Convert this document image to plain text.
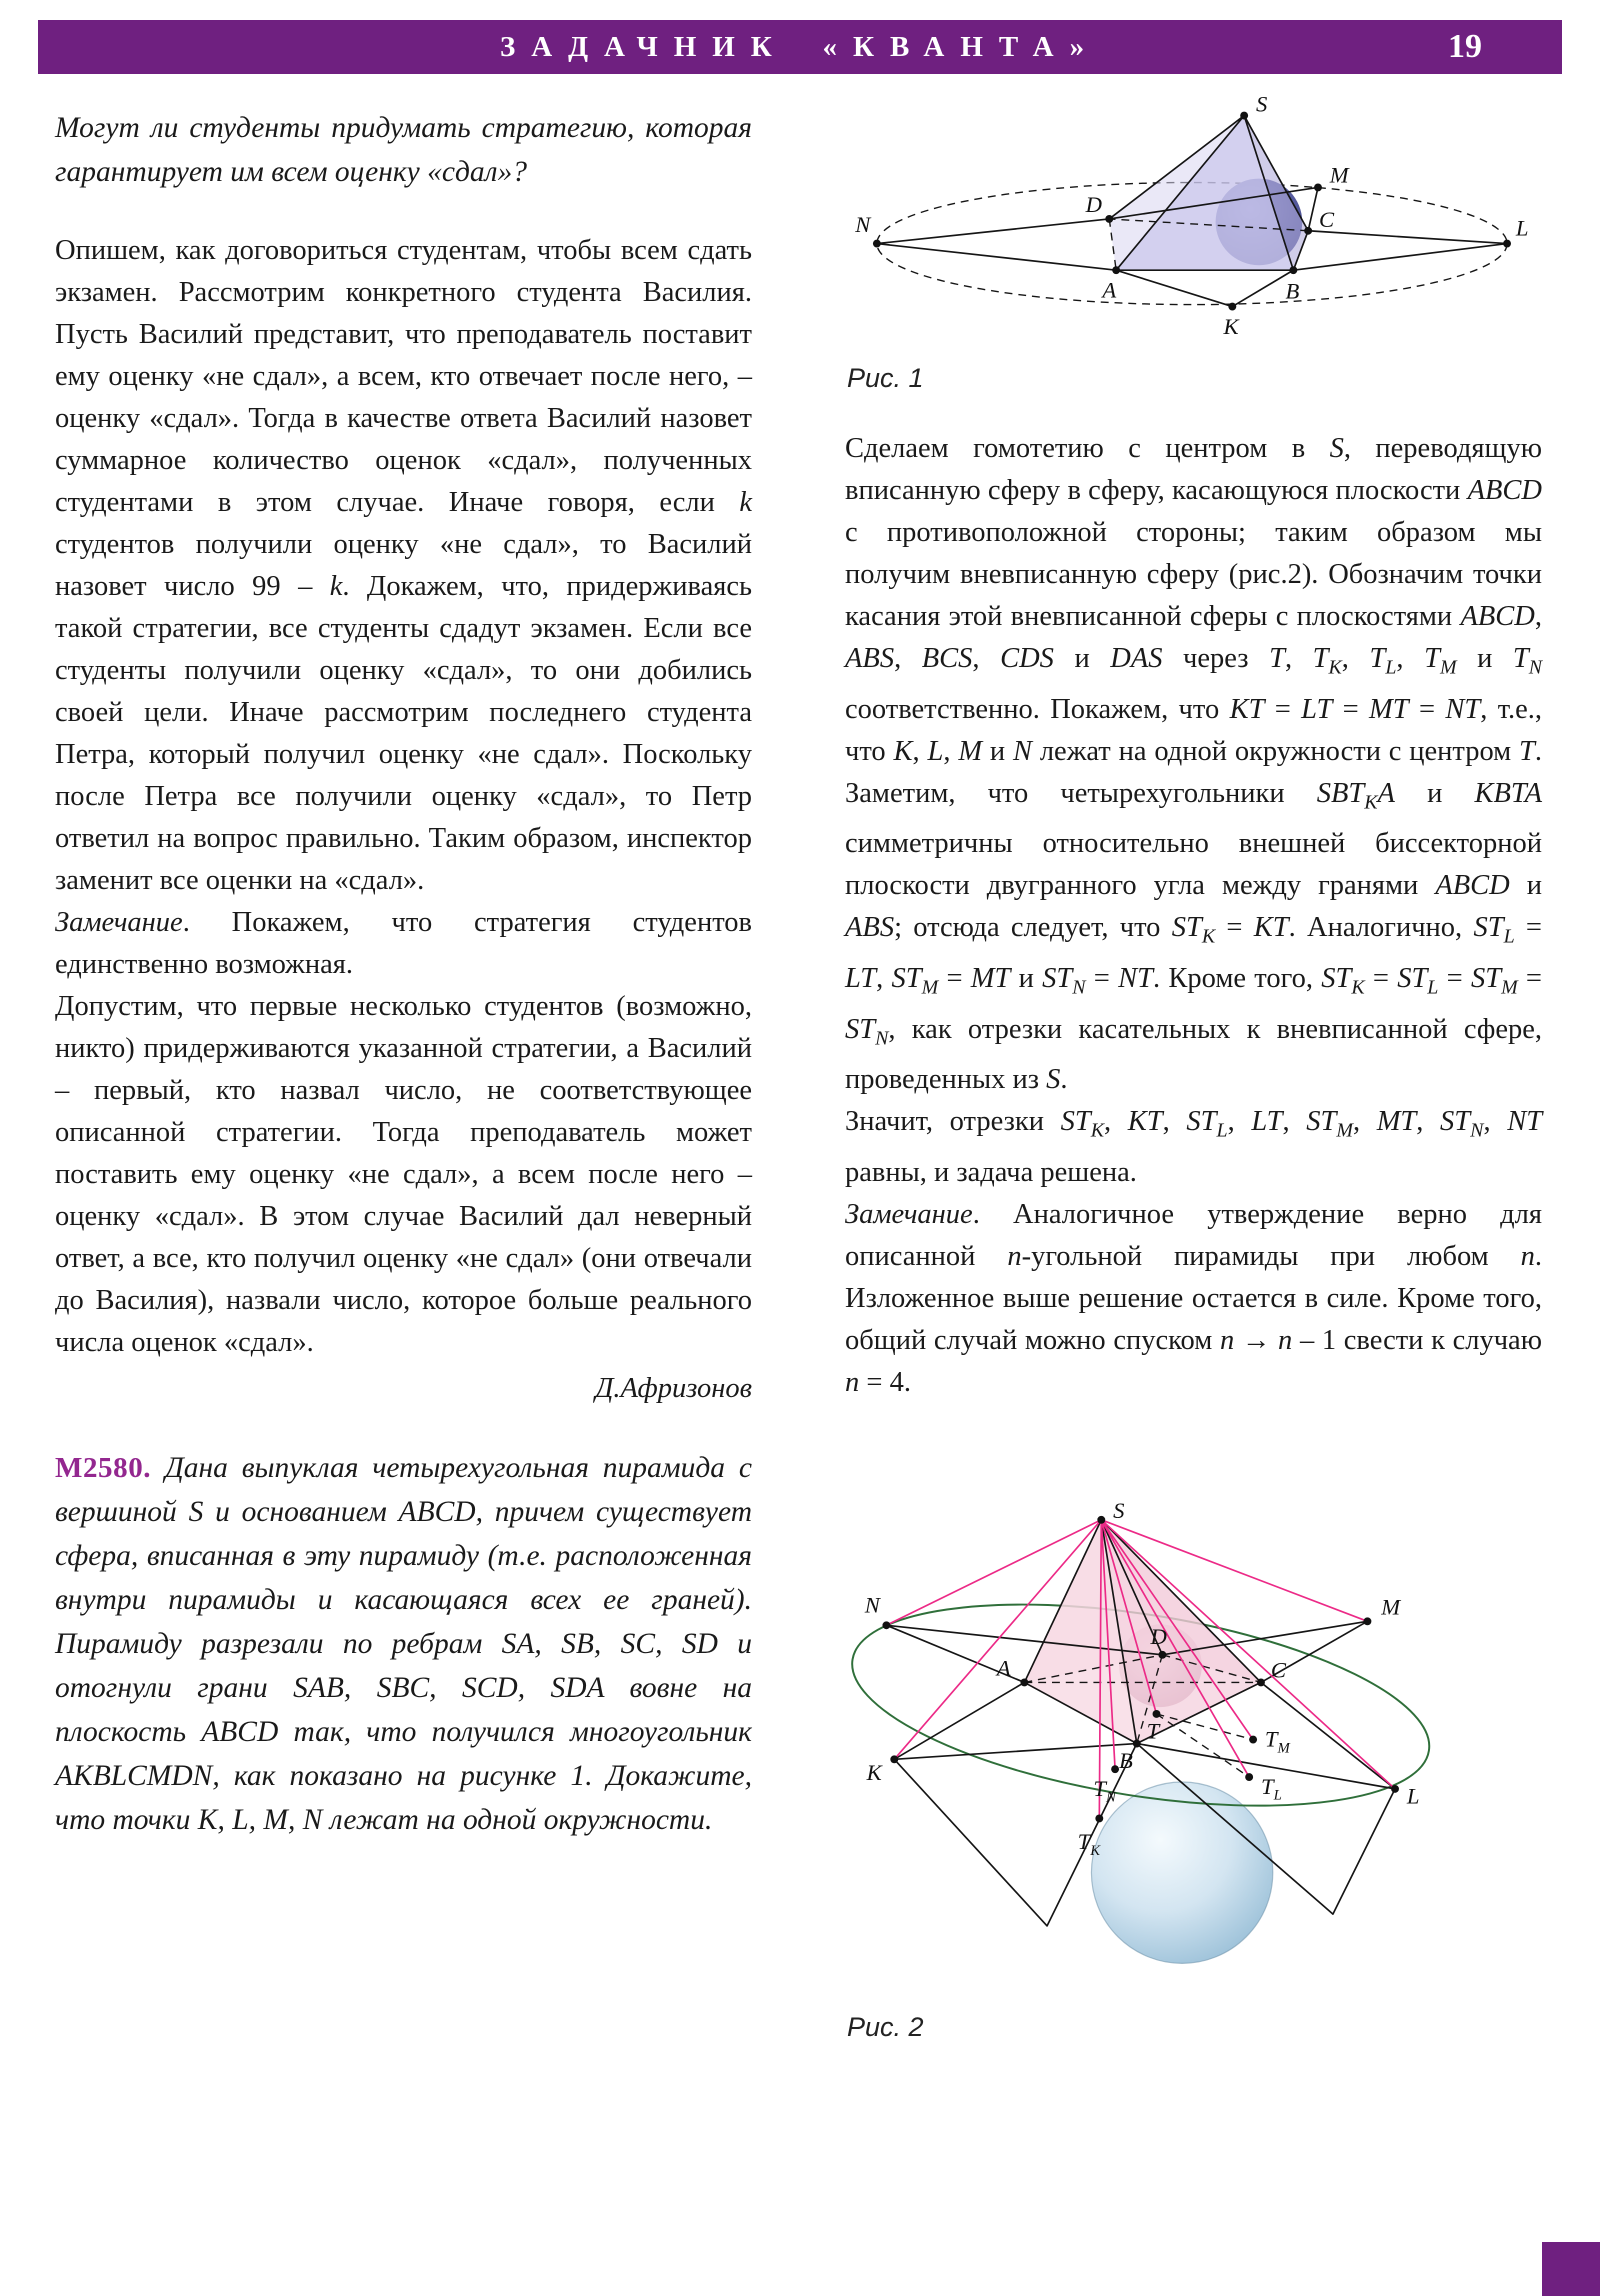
ЗАДАЧНИК «КВАНТА»	19

Могут ли студенты придумать стратегию, которая гарантирует им всем оценку «сдал»?

Опишем, как договориться студентам, чтобы всем сдать экзамен. Рассмотрим конкретного студента Василия. Пусть Василий представит, что преподаватель поставит ему оценку «не сдал», а всем, кто отвечает после него, – оценку «сдал». Тогда в качестве ответа Василий назовет суммарное количество оценок «сдал», полученных студентами в этом случае. Иначе говоря, если k студентов получили оценку «не сдал», то Василий назовет число 99 – k. Докажем, что, придерживаясь такой стратегии, все студенты сдадут экзамен. Если все студенты получили оценку «сдал», то они добились своей цели. Иначе рассмотрим последнего студента Петра, который получил оценку «не сдал». Поскольку после Петра все получили оценку «сдал», то Петр ответил на вопрос правильно. Таким образом, инспектор заменит все оценки на «сдал».

Замечание. Покажем, что стратегия студентов единственно возможная.

Допустим, что первые несколько студентов (возможно, никто) придерживаются указанной стратегии, а Василий – первый, кто назвал число, не соответствующее описанной стратегии. Тогда преподаватель может поставить ему оценку «не сдал», а всем после него – оценку «сдал». В этом случае Василий дал неверный ответ, а все, кто получил оценку «не сдал» (они отвечали до Василия), назвали число, которое больше реального числа оценок «сдал».

Д.Афризонов

М2580. Дана выпуклая четырехугольная пирамида с вершиной S и основанием ABCD, причем существует сфера, вписанная в эту пирамиду (т.е. расположенная внутри пирамиды и касающаяся всех ее граней). Пирамиду разрезали по ребрам SA, SB, SC, SD и отогнули грани SAB, SBC, SCD, SDA вовне на плоскость ABCD так, что получился многоугольник AKBLCMDN, как показано на рисунке 1. Докажите, что точки K, L, M, N лежат на одной окружности.

S
M
D
C
N	L
A	B
K
Рис. 1

Сделаем гомотетию с центром в S, переводящую вписанную сферу в сферу, касающуюся плоскости ABCD с противоположной стороны; таким образом мы получим вневписанную сферу (рис.2). Обозначим точки касания этой вневписанной сферы с плоскостями ABCD, ABS, BCS, CDS и DAS через T, $T_K$, $T_L$, $T_M$ и $T_N$ соответственно. Покажем, что KT = LT = MT = NT, т.е., что K, L, M и N лежат на одной окружности с центром T. Заметим, что четырехугольники $SBT_KA$ и KBTA симметричны относительно внешней биссекторной плоскости двугранного угла между гранями ABCD и ABS; отсюда следует, что $ST_K$ = KT. Аналогично, $ST_L$ = LT, $ST_M$ = MT и $ST_N$ = NT. Кроме того, $ST_K = ST_L = ST_M = ST_N$, как отрезки касательных к вневписанной сфере, проведенных из S.

Значит, отрезки $ST_K$, KT, $ST_L$, LT, $ST_M$, MT, $ST_N$, NT равны, и задача решена.

Замечание. Аналогичное утверждение верно для описанной n-угольной пирамиды при любом n. Изложенное выше решение остается в силе. Кроме того, общий случай можно спуском n → n – 1 свести к случаю n = 4.

S
N	M
A
D
C
T
K	B
L
$T_M$
$T_N$	$T_L$
$T_K$
Рис. 2
